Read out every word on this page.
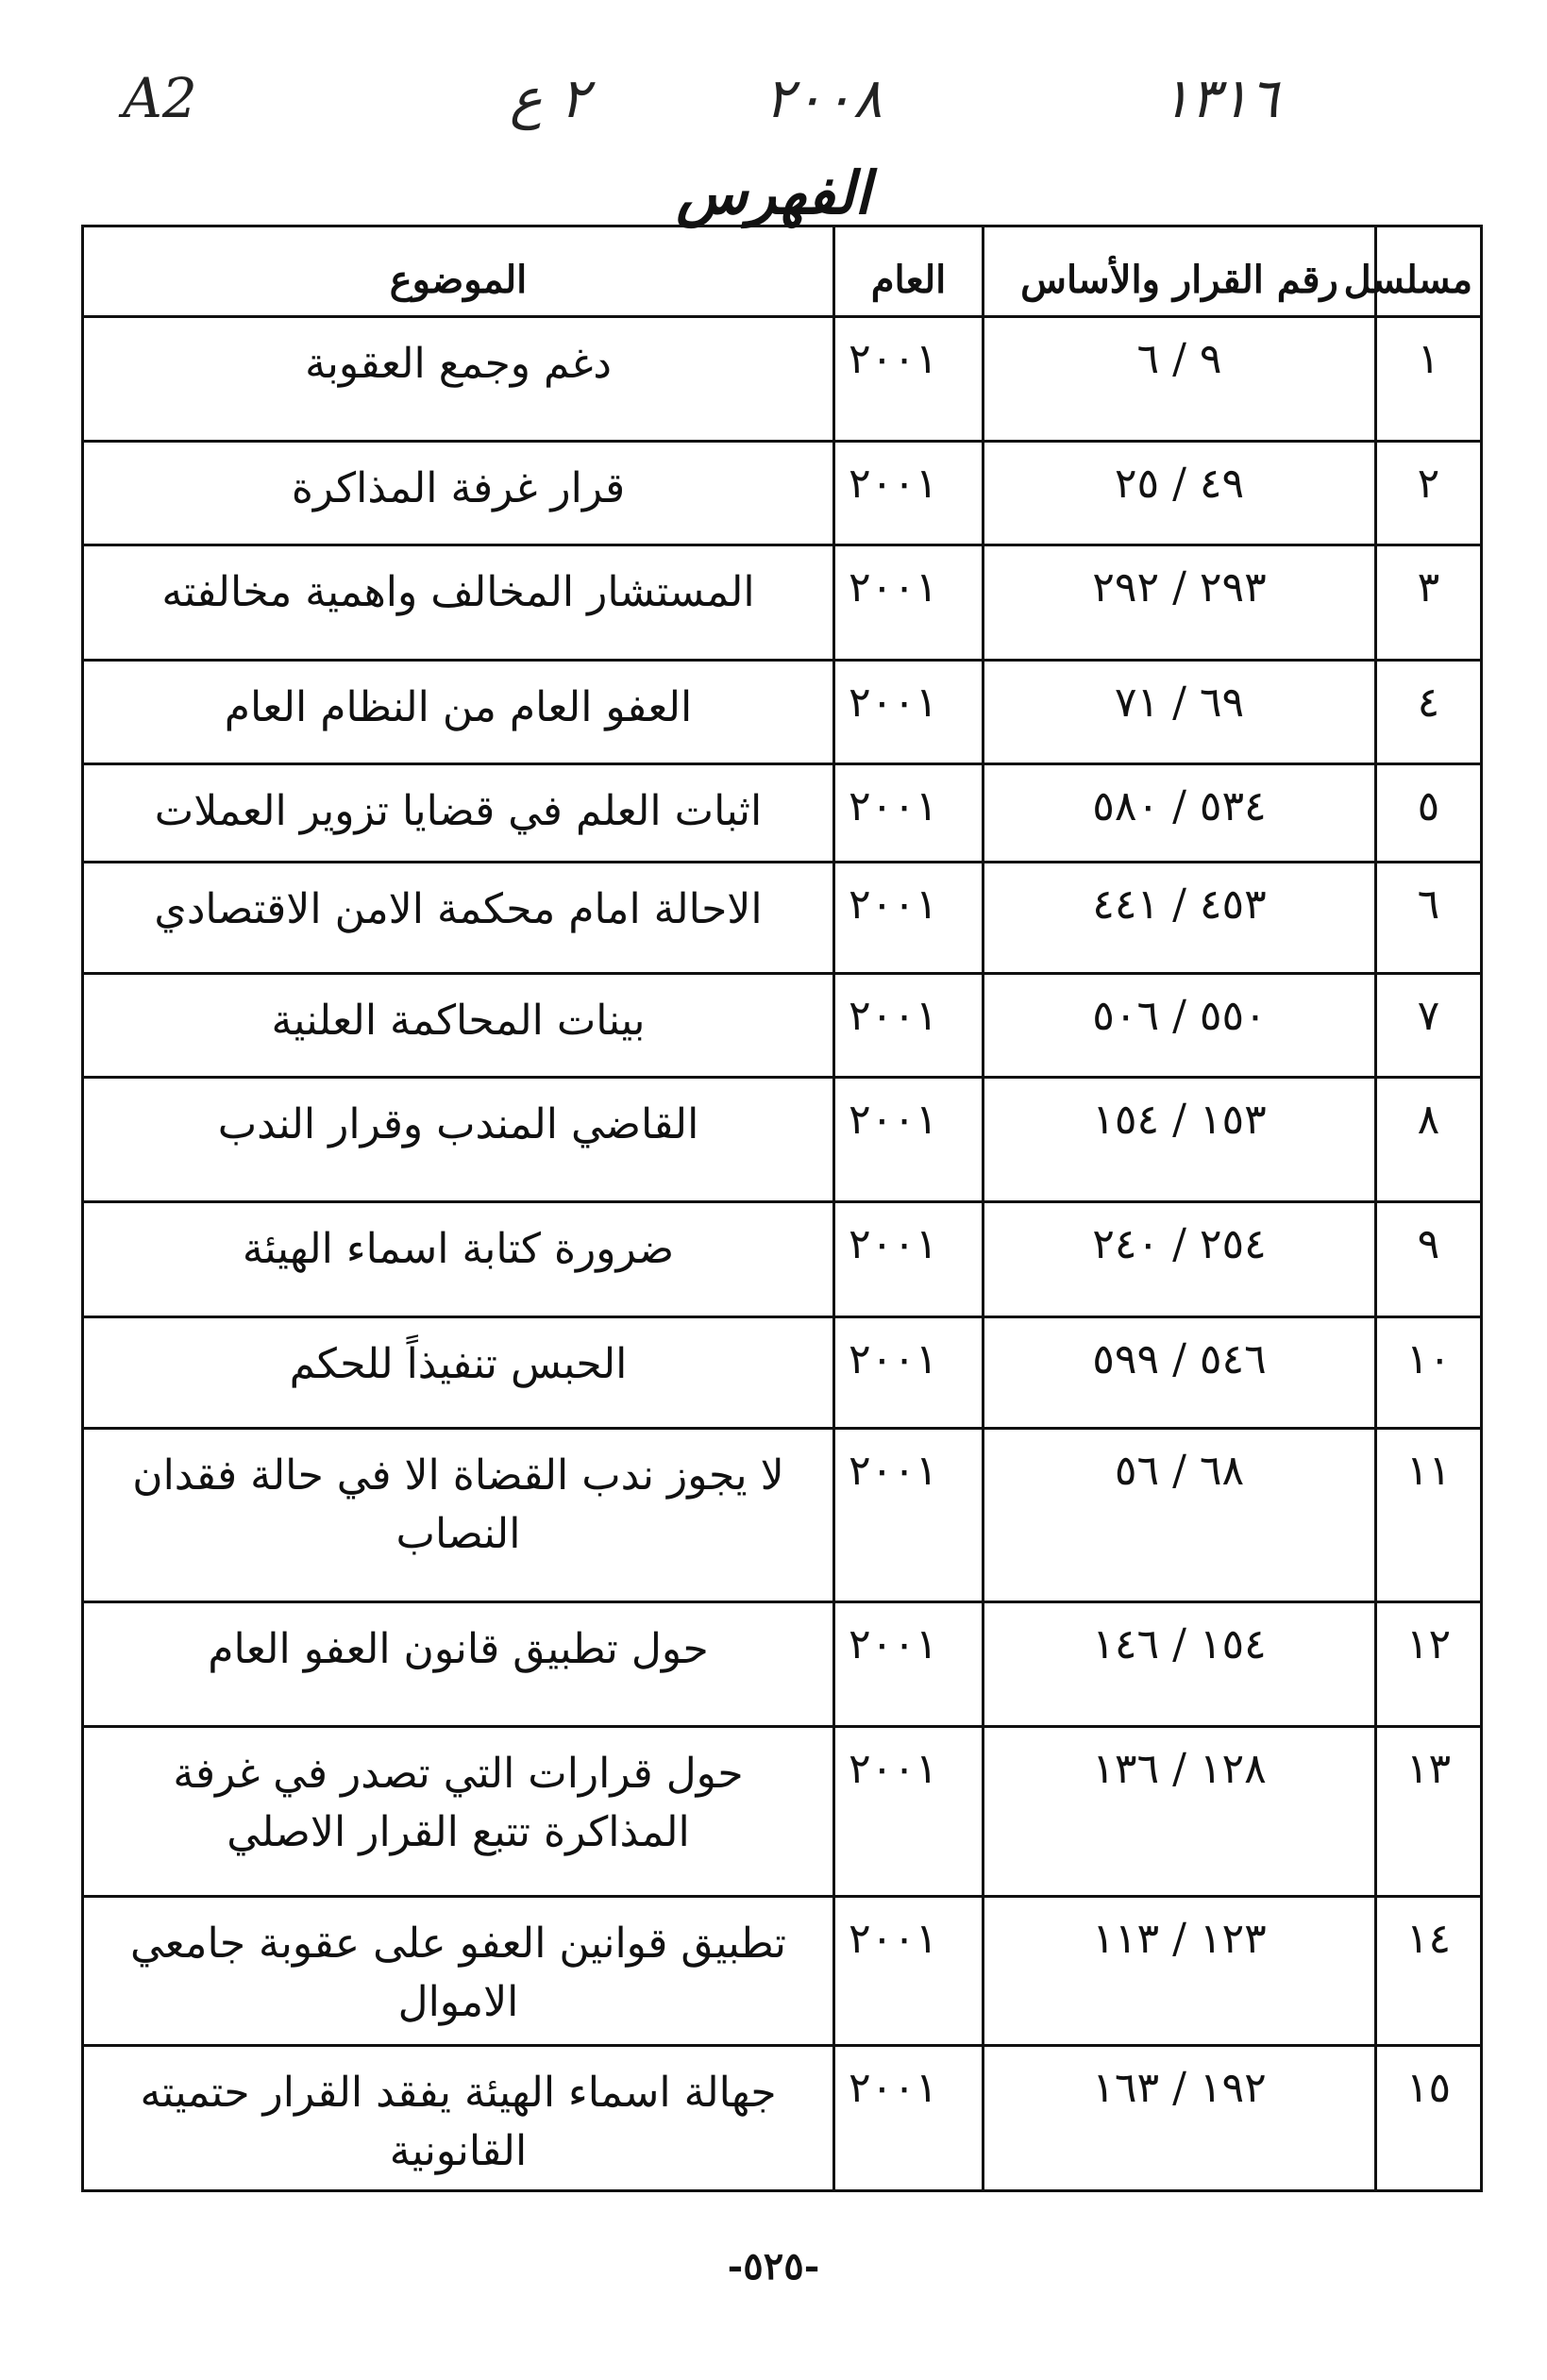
A2	٢ ع	٢٠٠٨	١٣١٦
الفهرس
مسلسل	رقم القرار والأساس	العام	الموضوع
١	٩ / ٦	٢٠٠١	دغم وجمع العقوبة
٢	٤٩ / ٢٥	٢٠٠١	قرار غرفة المذاكرة
٣	٢٩٣ / ٢٩٢	٢٠٠١	المستشار المخالف واهمية مخالفته
٤	٦٩ / ٧١	٢٠٠١	العفو العام من النظام العام
٥	٥٣٤ / ٥٨٠	٢٠٠١	اثبات العلم في قضايا تزوير العملات
٦	٤٥٣ / ٤٤١	٢٠٠١	الاحالة امام محكمة الامن الاقتصادي
٧	٥٥٠ / ٥٠٦	٢٠٠١	بينات المحاكمة العلنية
٨	١٥٣ / ١٥٤	٢٠٠١	القاضي المندب وقرار الندب
٩	٢٥٤ / ٢٤٠	٢٠٠١	ضرورة كتابة اسماء الهيئة
١٠	٥٤٦ / ٥٩٩	٢٠٠١	الحبس تنفيذاً للحكم
١١	٦٨ / ٥٦	٢٠٠١	لا يجوز ندب القضاة الا في حالة فقدان النصاب
١٢	١٥٤ / ١٤٦	٢٠٠١	حول تطبيق قانون العفو العام
١٣	١٢٨ / ١٣٦	٢٠٠١	حول قرارات التي تصدر في غرفة المذاكرة تتبع القرار الاصلي
١٤	١٢٣ / ١١٣	٢٠٠١	تطبيق قوانين العفو على عقوبة جامعي الاموال
١٥	١٩٢ / ١٦٣	٢٠٠١	جهالة اسماء الهيئة يفقد القرار حتميته القانونية
-٥٢٥-
